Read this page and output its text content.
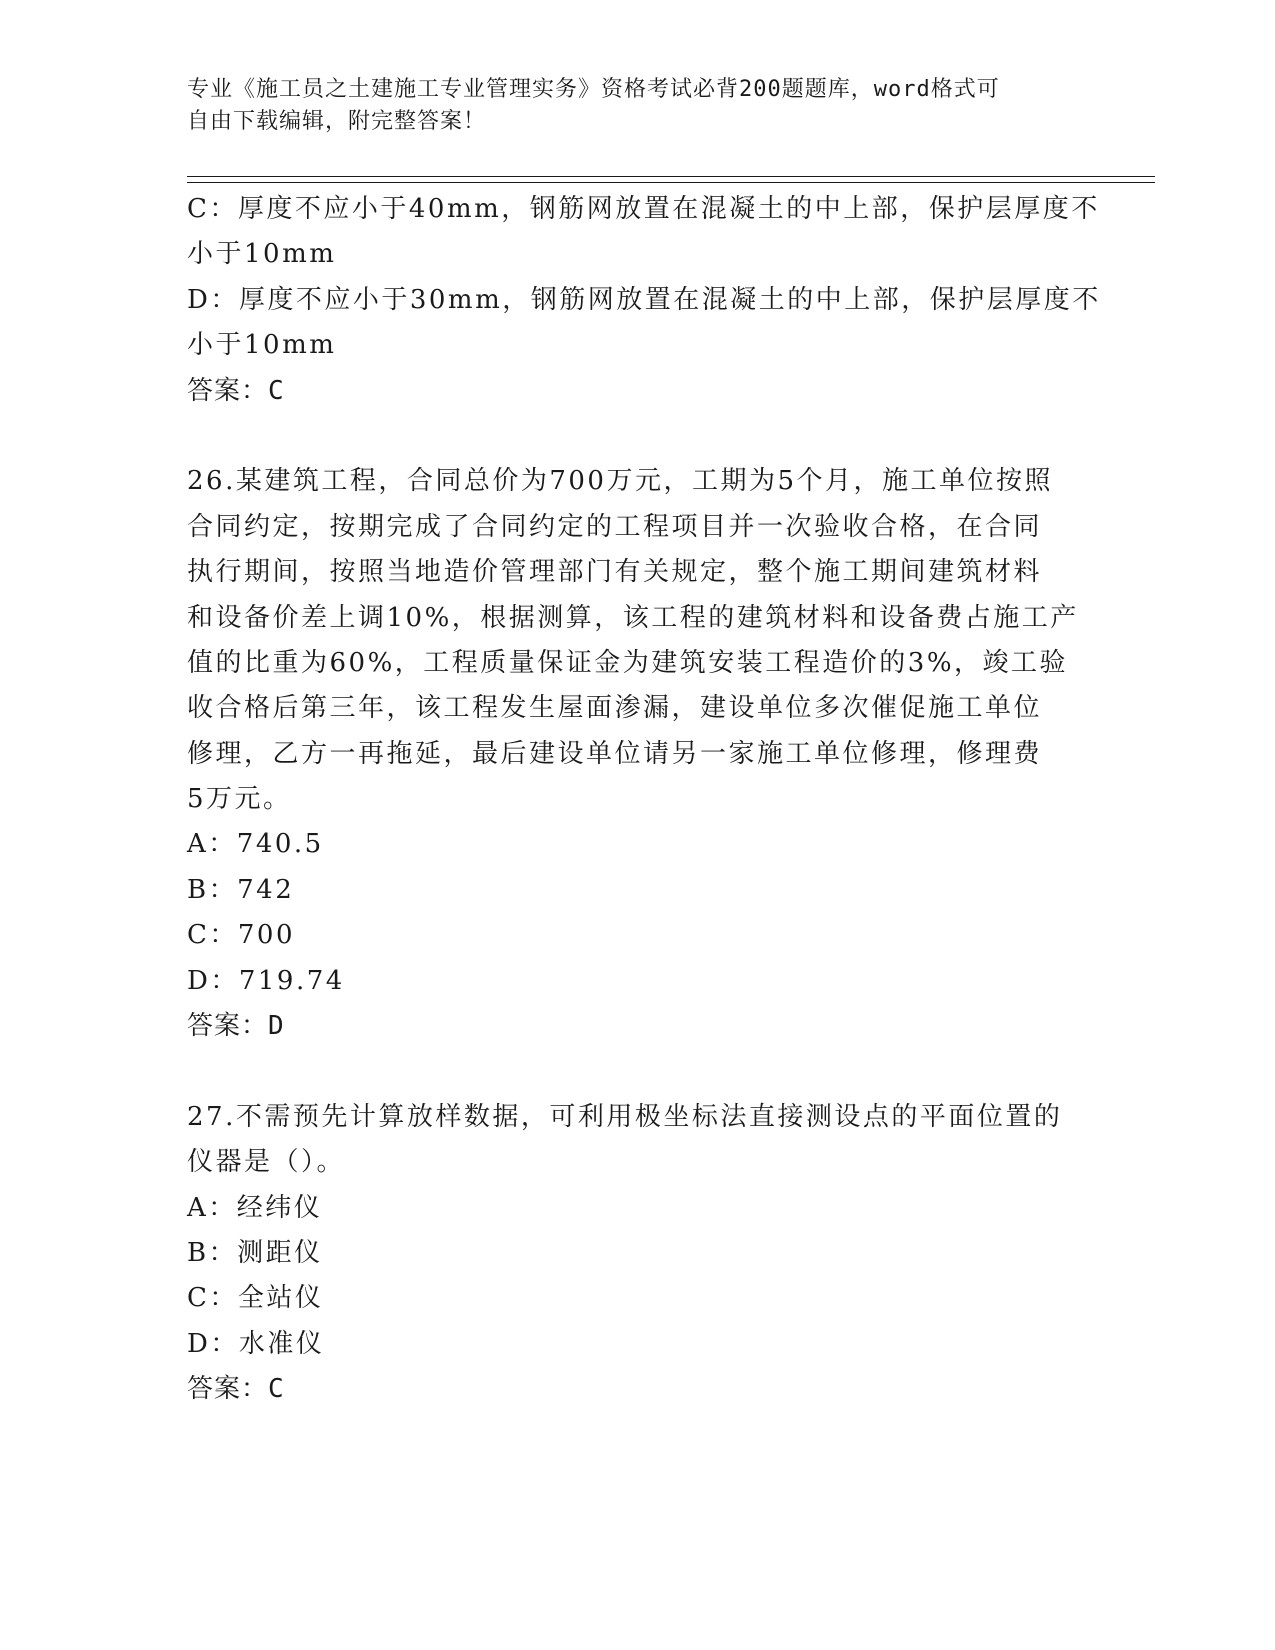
专业《施工员之土建施工专业管理实务》资格考试必背200题题库，word格式可
自由下载编辑，附完整答案！
C：厚度不应小于40mm，钢筋网放置在混凝土的中上部，保护层厚度不
小于10mm
D：厚度不应小于30mm，钢筋网放置在混凝土的中上部，保护层厚度不
小于10mm
答案：C
26.某建筑工程，合同总价为700万元，工期为5个月，施工单位按照
合同约定，按期完成了合同约定的工程项目并一次验收合格，在合同
执行期间，按照当地造价管理部门有关规定，整个施工期间建筑材料
和设备价差上调10%，根据测算，该工程的建筑材料和设备费占施工产
值的比重为60%，工程质量保证金为建筑安装工程造价的3%，竣工验
收合格后第三年，该工程发生屋面渗漏，建设单位多次催促施工单位
修理，乙方一再拖延，最后建设单位请另一家施工单位修理，修理费
5万元。
A：740.5
B：742
C：700
D：719.74
答案：D
27.不需预先计算放样数据，可利用极坐标法直接测设点的平面位置的
仪器是（）。
A：经纬仪
B：测距仪
C：全站仪
D：水准仪
答案：C
